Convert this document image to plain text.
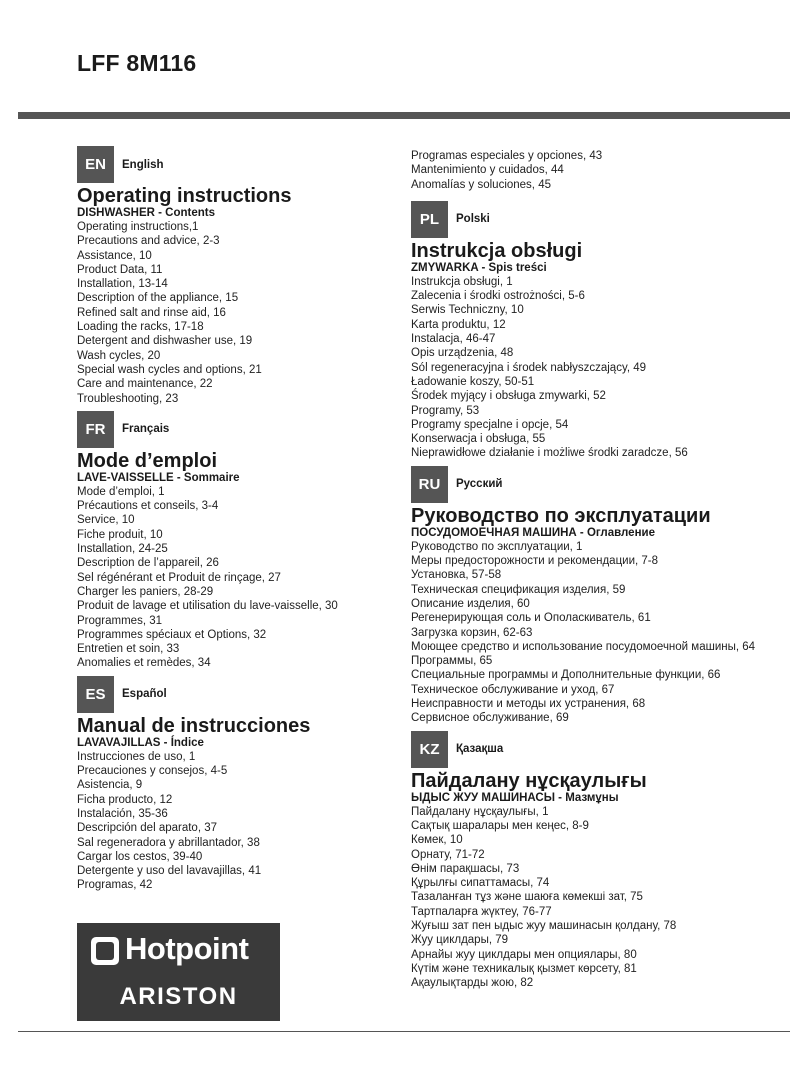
LFF 8M116
EN	English
Operating instructions
DISHWASHER - Contents
Operating instructions,1
Precautions and advice, 2-3
Assistance, 10
Product Data, 11
Installation, 13-14
Description of the appliance, 15
Refined salt and rinse aid, 16
Loading the racks, 17-18
Detergent and dishwasher use, 19
Wash cycles, 20
Special wash cycles and options, 21
Care and maintenance, 22
Troubleshooting, 23
FR	Français
Mode d’emploi
LAVE-VAISSELLE - Sommaire
Mode d’emploi, 1
Précautions et conseils, 3-4
Service, 10
Fiche produit, 10
Installation, 24-25
Description de l’appareil, 26
Sel régénérant et Produit de rinçage, 27
Charger les paniers, 28-29
Produit de lavage et utilisation du lave-vaisselle, 30
Programmes, 31
Programmes spéciaux et Options, 32
Entretien et soin, 33
Anomalies et remèdes, 34
ES	Español
Manual de instrucciones
LAVAVAJILLAS - Índice
Instrucciones de uso, 1
Precauciones y consejos, 4-5
Asistencia, 9
Ficha producto, 12
Instalación, 35-36
Descripción del aparato, 37
Sal regeneradora y abrillantador, 38
Cargar los cestos, 39-40
Detergente y uso del lavavajillas, 41
Programas, 42
Programas especiales y opciones, 43
Mantenimiento y cuidados, 44
Anomalías y soluciones, 45
PL	Polski
Instrukcja obsługi
ZMYWARKA - Spis treści
Instrukcja obsługi, 1
Zalecenia i środki ostrożności, 5-6
Serwis Techniczny, 10
Karta produktu, 12
Instalacja, 46-47
Opis urządzenia, 48
Sól regeneracyjna i środek nabłyszczający, 49
Ładowanie koszy, 50-51
Środek myjący i obsługa zmywarki, 52
Programy, 53
Programy specjalne i opcje, 54
Konserwacja i obsługa, 55
Nieprawidłowe działanie i możliwe środki zaradcze, 56
RU	Русский
Руководство по эксплуатации
ПОСУДОМОЕЧНАЯ МАШИНА - Оглавление
Руководство по эксплуатации, 1
Меры предосторожности и рекомендации, 7-8
Установка, 57-58
Техническая спецификация изделия, 59
Описание изделия, 60
Регенерирующая соль и Ополаскиватель, 61
Загрузка корзин, 62-63
Моющее средство и использование посудомоечной машины, 64
Программы, 65
Специальные программы и Дополнительные функции, 66
Техническое обслуживание и уход, 67
Неисправности и методы их устранения, 68
Сервисное обслуживание, 69
KZ	Қазақша
Пайдалану нұсқаулығы
ЫДЫС ЖУУ МАШИНАСЫ - Мазмұны
Пайдалану нұсқаулығы, 1
Сақтық шаралары мен кеңес, 8-9
Көмек, 10
Орнату, 71-72
Өнім парақшасы, 73
Құрылғы сипаттамасы, 74
Тазаланған тұз және шаюға көмекші зат, 75
Тартпаларға жүктеу, 76-77
Жуғыш зат пен ыдыс жуу машинасын қолдану, 78
Жуу циклдары, 79
Арнайы жуу циклдары мен опциялары, 80
Күтім және техникалық қызмет көрсету, 81
Ақаулықтарды жою, 82
Hotpoint
ARISTON
